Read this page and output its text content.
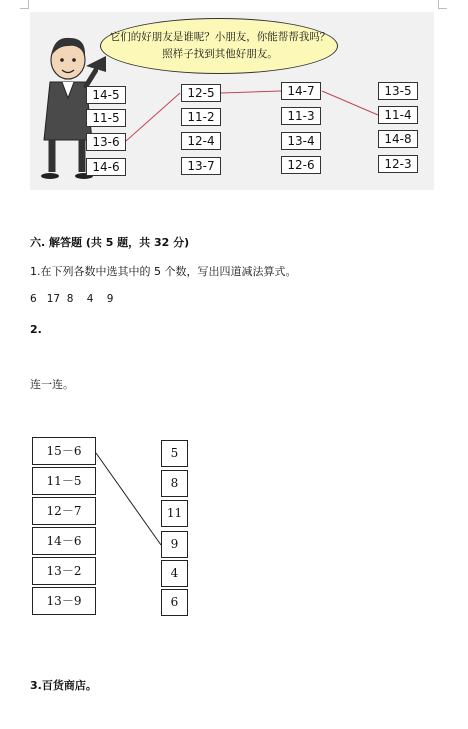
它们的好朋友是谁呢？小朋友，你能帮帮我吗？
照样子找到其他好朋友。
14-5
11-5
13-6
14-6
12-5
11-2
12-4
13-7
14-7
11-3
13-4
12-6
13-5
11-4
14-8
12-3
六. 解答题 (共 5 题，共 32 分)
1.在下列各数中选其中的 5 个数，写出四道减法算式。
6   17  8    4    9
2.
连一连。
15－6
11－5
12－7
14－6
13－2
13－9
5
8
11
9
4
6
3.百货商店。
